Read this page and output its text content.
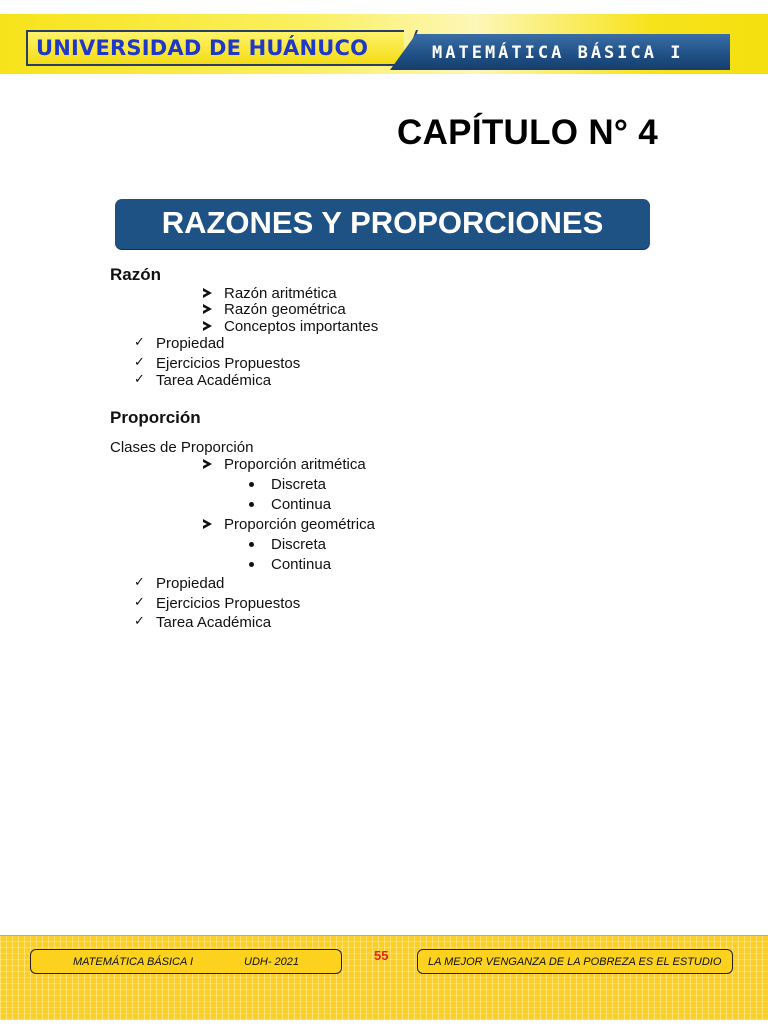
UNIVERSIDAD DE HUÁNUCO	MATEMÁTICA BÁSICA I
CAPÍTULO N° 4
RAZONES Y PROPORCIONES
Razón
Razón aritmética
Razón geométrica
Conceptos importantes
✓ Propiedad
✓ Ejercicios Propuestos
✓ Tarea Académica
Proporción
Clases de Proporción
Proporción aritmética
Discreta
Continua
Proporción geométrica
Discreta
Continua
✓ Propiedad
✓ Ejercicios Propuestos
✓ Tarea Académica
MATEMÁTICA BÁSICA I	UDH- 2021	55	LA MEJOR VENGANZA DE LA POBREZA ES EL ESTUDIO
